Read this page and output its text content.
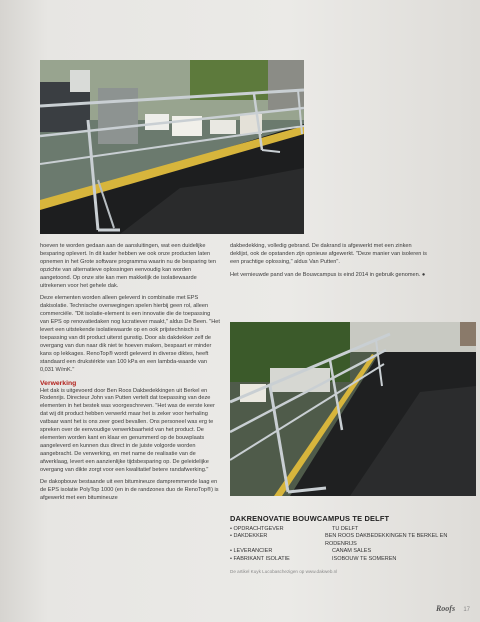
hoeven te worden gedaan aan de aansluitingen, wat een duidelijke besparing oplevert. In dit kader hebben we ook onze producten laten opnemen in het Grote software programma waarin nu de besparing ten opzichte van alternatieve oplossingen eenvoudig kan worden aangetoond. Op onze site kan men makkelijk de isolatiewaarde uitrekenen voor het gehele dak.

Deze elementen worden alleen geleverd in combinatie met EPS dakisolatie. Technische overwegingen spelen hierbij geen rol, alleen commerciële. "Dit isolatie-element is een innovatie die de toepassing van EPS op renovatiedaken nog lucratiever maakt," aldus De Been. "Het levert een uitstekende isolatiewaarde op en ook prijstechnisch is toepassing van dit product uiterst gunstig. Door als dakdekker zelf de overgang van dun naar dik niet te hoeven maken, bespaart er minder kans op lekkages. RenoTop® wordt geleverd in diverse diktes, heeft standaard een drukstérkte van 100 kPa en een lambda-waarde van 0,031 W/mK."

Verwerking

Het dak is uitgevoerd door Ben Roos Dakbedekkingen uit Berkel en Rodenrijs. Directeur John van Putten vertelt dat toepassing van deze elementen in het bestek was voorgeschreven. "Het was de eerste keer dat wij dit product hebben verwerkt maar het is zeker voor herhaling vatbaar want het is ons zeer goed bevallen. Ons personeel was erg te spreken over de eenvoudige verwerkbaarheid van het product. De elementen worden kant en klaar en genummerd op de bouwplaats aangeleverd en kunnen dus direct in de juiste volgorde worden aangebracht. De verwerking, en met name de realisatie van de afwerklaag, levert een aanzienlijke tijdsbesparing op. De geleidelijke overgang van dikte zorgt voor een kwalitatief betere randafwerking."

De dakopbouw bestaande uit een bitumineuze dampremmende laag en de EPS isolatie PolyTop 1000 (en in de randzones duo de RenoTop®) is afgewerkt met een bitumineuze

dakbedekking, volledig gebrand. De dakrand is afgewerkt met een zinken deklijst, ook de opstanden zijn opnieuw afgewerkt. "Deze manier van isoleren is een prachtige oplossing," aldus Van Putten".

Het vernieuwde pand van de Bouwcampus is eind 2014 in gebruik genomen. ●

DAKRENOVATIE BOUWCAMPUS TE DELFT
• OPDRACHTGEVER	TU DELFT
• DAKDEKKER	BEN ROOS DAKBEDEKKINGEN TE BERKEL EN RODENRIJS
• LEVERANCIER	CANAM SALES
• FABRIKANT ISOLATIE	ISOBOUW TE SOMEREN
De artikel Kuyk Lucobaschezigen op www.dakweb.nl
Roofs 17
